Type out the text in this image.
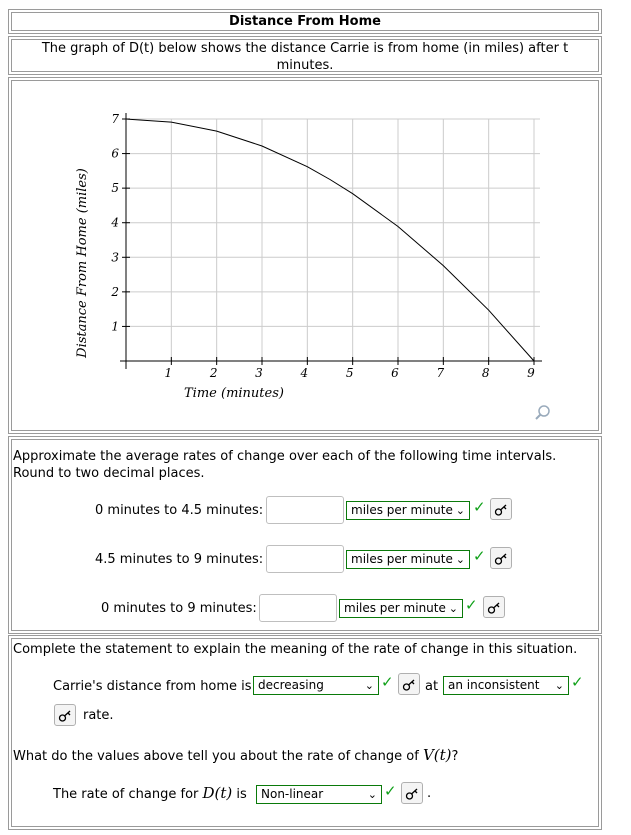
Distance From Home
The graph of D(t) below shows the distance Carrie is from home (in miles) after t minutes.
1	2	3	4	5	6	7	8	9
1
2
3
4
5
6
7
Time (minutes)
Distance From Home (miles)
Approximate the average rates of change over each of the following time intervals. Round to two decimal places.
0 minutes to 4.5 minutes:	miles per minute ⌄ ✓
4.5 minutes to 9 minutes:	miles per minute ⌄ ✓
0 minutes to 9 minutes:	miles per minute ⌄ ✓
Complete the statement to explain the meaning of the rate of change in this situation.
Carrie's distance from home is decreasing	⌄ ✓ at an inconsistent ⌄ ✓
rate.
What do the values above tell you about the rate of change of V(t)?
The rate of change for D(t) is	Non-linear	⌄ ✓ .
